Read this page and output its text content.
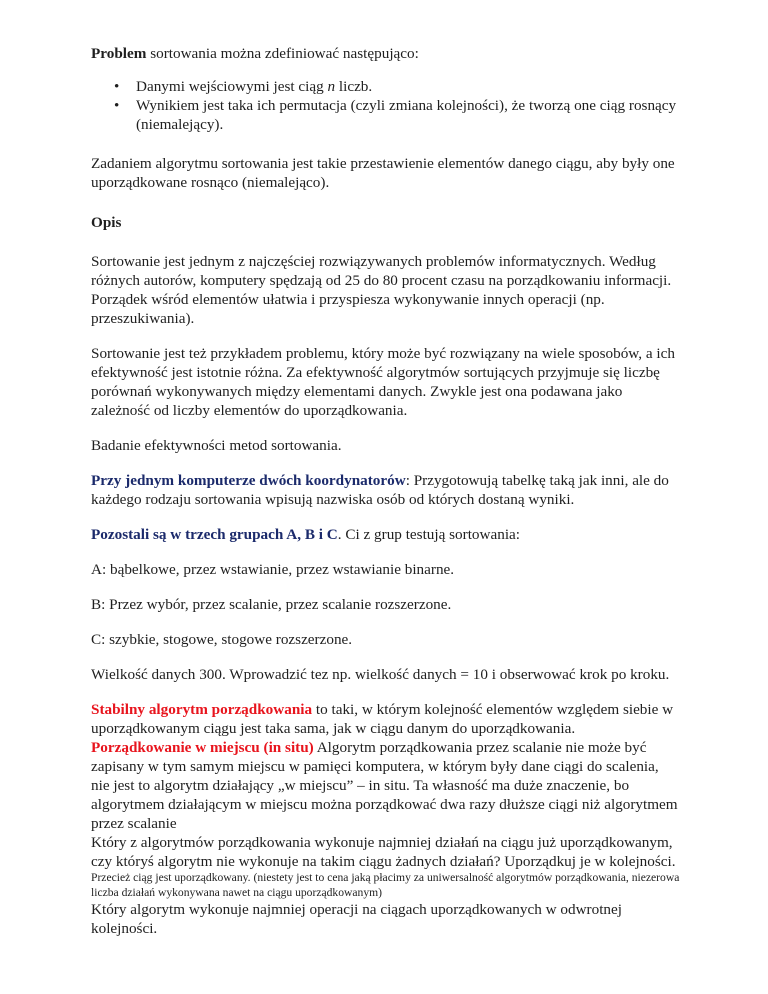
Problem sortowania można zdefiniować następująco:

• Danymi wejściowymi jest ciąg n liczb.
• Wynikiem jest taka ich permutacja (czyli zmiana kolejności), że tworzą one ciąg rosnący (niemalejący).

Zadaniem algorytmu sortowania jest takie przestawienie elementów danego ciągu, aby były one uporządkowane rosnąco (niemalejąco).

Opis

Sortowanie jest jednym z najczęściej rozwiązywanych problemów informatycznych. Według różnych autorów, komputery spędzają od 25 do 80 procent czasu na porządkowaniu informacji. Porządek wśród elementów ułatwia i przyspiesza wykonywanie innych operacji (np. przeszukiwania).

Sortowanie jest też przykładem problemu, który może być rozwiązany na wiele sposobów, a ich efektywność jest istotnie różna. Za efektywność algorytmów sortujących przyjmuje się liczbę porównań wykonywanych między elementami danych. Zwykle jest ona podawana jako zależność od liczby elementów do uporządkowania.

Badanie efektywności metod sortowania.

Przy jednym komputerze dwóch koordynatorów: Przygotowują tabelkę taką jak inni, ale do każdego rodzaju sortowania wpisują nazwiska osób od których dostaną wyniki.

Pozostali są w trzech grupach A, B i C. Ci z grup testują sortowania:

A: bąbelkowe, przez wstawianie, przez wstawianie binarne.

B: Przez wybór, przez scalanie, przez scalanie rozszerzone.

C: szybkie, stogowe, stogowe rozszerzone.

Wielkość danych 300. Wprowadzić tez np. wielkość danych = 10 i obserwować krok po kroku.

Stabilny algorytm porządkowania to taki, w którym kolejność elementów względem siebie w uporządkowanym ciągu jest taka sama, jak w ciągu danym do uporządkowania.
Porządkowanie w miejscu (in situ) Algorytm porządkowania przez scalanie nie może być zapisany w tym samym miejscu w pamięci komputera, w którym były dane ciągi do scalenia, nie jest to algorytm działający „w miejscu” – in situ. Ta własność ma duże znaczenie, bo algorytmem działającym w miejscu można porządkować dwa razy dłuższe ciągi niż algorytmem przez scalanie
Który z algorytmów porządkowania wykonuje najmniej działań na ciągu już uporządkowanym, czy któryś algorytm nie wykonuje na takim ciągu żadnych działań? Uporządkuj je w kolejności.

Przecież ciąg jest uporządkowany. (niestety jest to cena jaką płacimy za uniwersalność algorytmów porządkowania, niezerowa liczba działań wykonywana nawet na ciągu uporządkowanym)

Który algorytm wykonuje najmniej operacji na ciągach uporządkowanych w odwrotnej kolejności.
